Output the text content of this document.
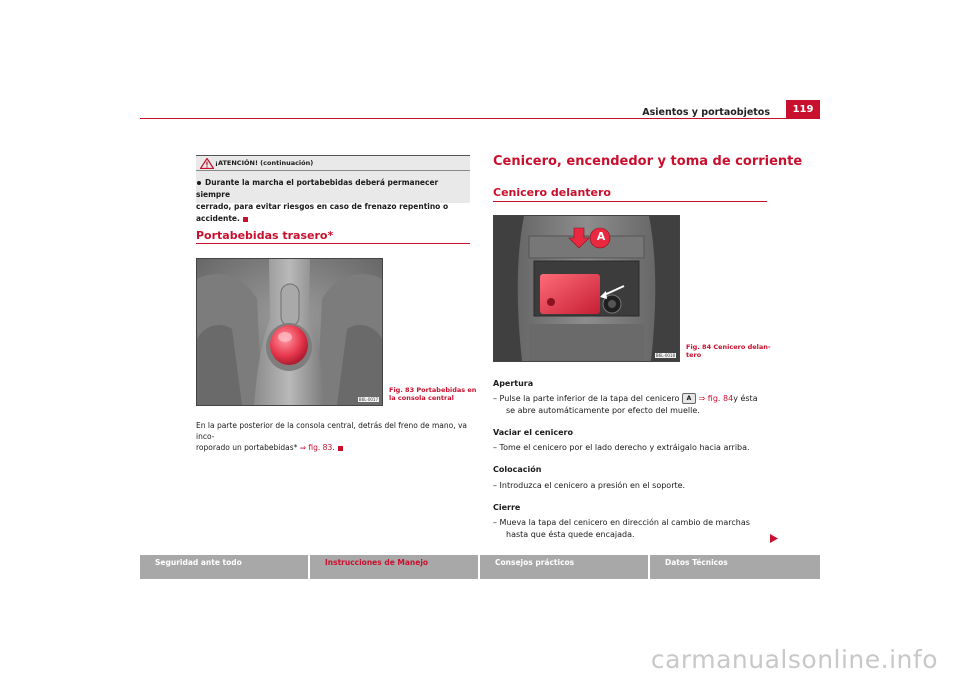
Asientos y portaobjetos	119
¡ATENCIÓN! (continuación)
Durante la marcha el portabebidas deberá permanecer siempre
cerrado, para evitar riesgos en caso de frenazo repentino o accidente.
Portabebidas trasero*
B6L-0017
Fig. 83 Portabebidas en
la consola central
En la parte posterior de la consola central, detrás del freno de mano, va inco-
roporado un portabebidas* ⇒ fig. 83.
Cenicero, encendedor y toma de corriente
Cenicero delantero
A
B6L-0018
Fig. 84 Cenicero delan-
tero
Apertura
– Pulse la parte inferior de la tapa del cenicero A ⇒ fig. 84y ésta
se abre automáticamente por efecto del muelle.
Vaciar el cenicero
– Tome el cenicero por el lado derecho y extráigalo hacia arriba.
Colocación
– Introduzca el cenicero a presión en el soporte.
Cierre
– Mueva la tapa del cenicero en dirección al cambio de marchas
hasta que ésta quede encajada.
Seguridad ante todo	Instrucciones de Manejo	Consejos prácticos	Datos Técnicos
carmanualsonline.info
